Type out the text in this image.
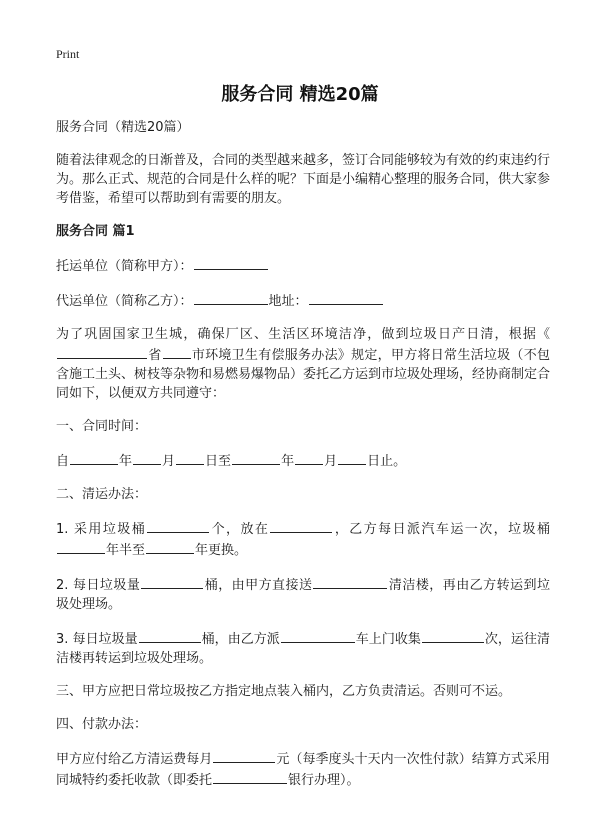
Print
服务合同 精选20篇

服务合同（精选20篇）

随着法律观念的日渐普及，合同的类型越来越多，签订合同能够较为有效的约束违约行为。那么正式、规范的合同是什么样的呢？下面是小编精心整理的服务合同，供大家参考借鉴，希望可以帮助到有需要的朋友。

服务合同 篇1

托运单位（简称甲方）：

代运单位（简称乙方）：	地址：

为了巩固国家卫生城，确保厂区、生活区环境洁净，做到垃圾日产日清，根据《省 市环境卫生有偿服务办法》规定，甲方将日常生活垃圾（不包含施工土头、树枝等杂物和易燃易爆物品）委托乙方运到市垃圾处理场，经协商制定合同如下，以便双方共同遵守：

一、合同时间：

自	年 月 日至	年 月 日止。

二、清运办法：

1. 采用垃圾桶	个，放在	，乙方每日派汽车运一次，垃圾桶年半至	年更换。

2. 每日垃圾量	桶，由甲方直接送	清洁楼，再由乙方转运到垃圾处理场。

3. 每日垃圾量	桶，由乙方派	车上门收集	次，运往清洁楼再转运到垃圾处理场。

三、甲方应把日常垃圾按乙方指定地点装入桶内，乙方负责清运。否则可不运。

四、付款办法：

甲方应付给乙方清运费每月	元（每季度头十天内一次性付款）结算方式采用同城特约委托收款（即委托	银行办理）。
